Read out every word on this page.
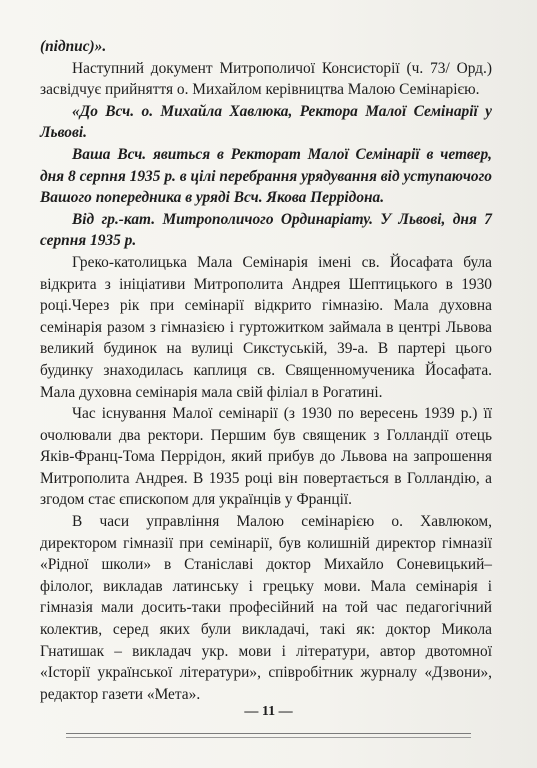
(підпис)».

Наступний документ Митрополичої Консисторії (ч. 73/ Орд.) засвідчує прийняття о. Михайлом керівництва Малою Семінарією.

«До Всч. о. Михайла Хавлюка, Ректора Малої Семінарії у Львові.

Ваша Всч. явиться в Ректорат Малої Семінарії в четвер, дня 8 серпня 1935 р. в цілі перебрання урядування від уступаючого Вашого попередника в уряді Всч. Якова Перрідона.

Від гр.-кат. Митрополичого Ординаріату. У Львові, дня 7 серпня 1935 р.

Греко-католицька Мала Семінарія імені св. Йосафата була відкрита з ініціативи Митрополита Андрея Шептицького в 1930 році.Через рік при семінарії відкрито гімназію. Мала духовна семінарія разом з гімназією і гуртожитком займала в центрі Львова великий будинок на вулиці Сикстуській, 39-а. В партері цього будинку знаходилась каплиця св. Священномученика Йосафата. Мала духовна семінарія мала свій філіал в Рогатині.

Час існування Малої семінарії (з 1930 по вересень 1939 р.) її очолювали два ректори. Першим був священик з Голландії отець Яків-Франц-Тома Перрідон, який прибув до Львова на запрошення Митрополита Андрея. В 1935 році він повертається в Голландію, а згодом стає єпископом для українців у Франції.

В часи управління Малою семінарією о. Хавлюком, директором гімназії при семінарії, був колишній директор гімназії «Рідної школи» в Станіславі доктор Михайло Соневицький– філолог, викладав латинську і грецьку мови. Мала семінарія і гімназія мали досить-таки професійний на той час педагогічний колектив, серед яких були викладачі, такі як: доктор Микола Гнатишак – викладач укр. мови і літератури, автор двотомної «Історії української літератури», співробітник журналу «Дзвони», редактор газети «Мета».

— 11 —
